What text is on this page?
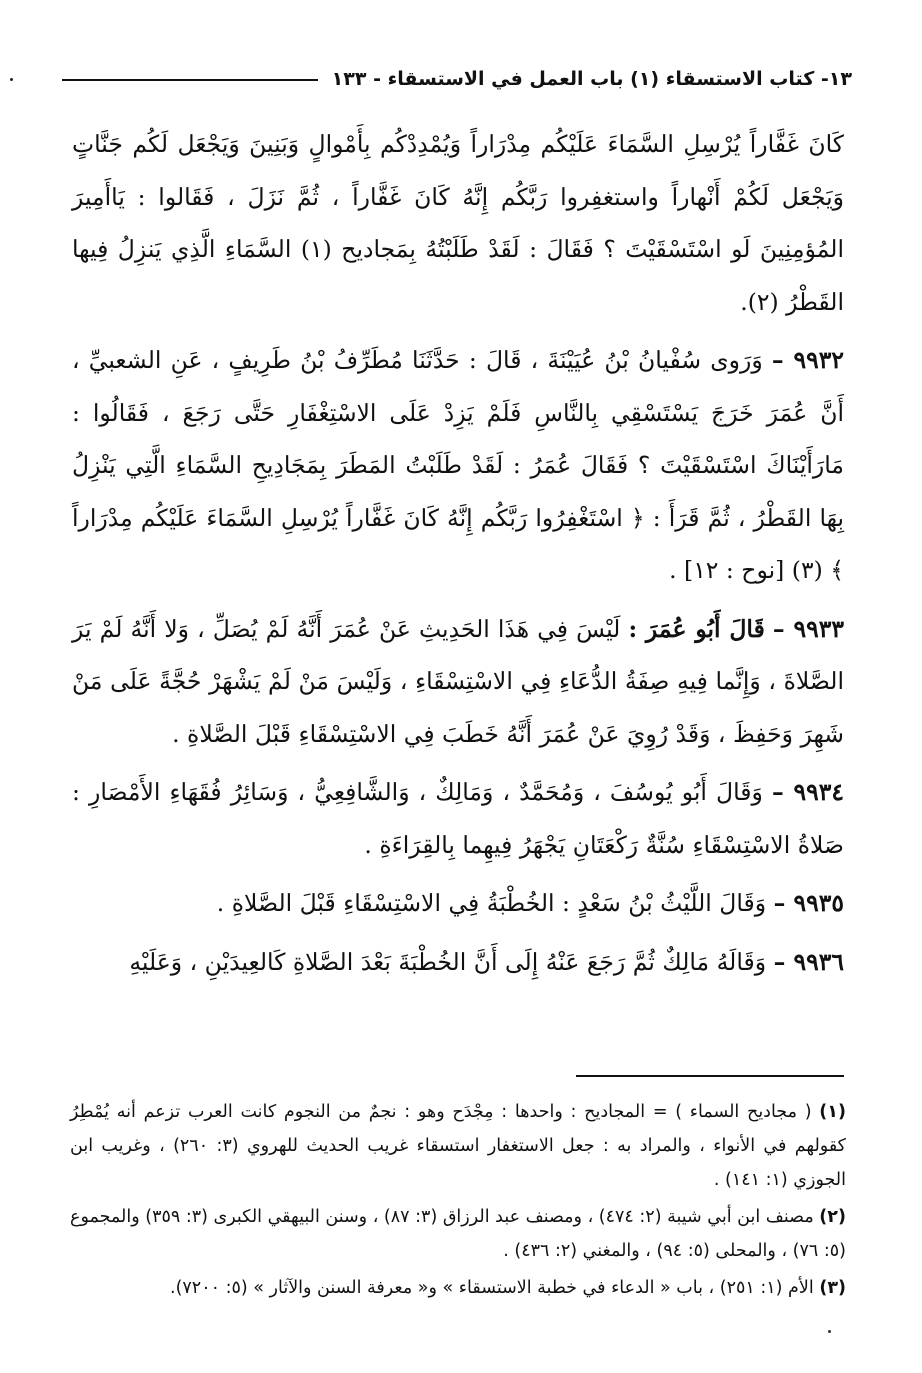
١٣- كتاب الاستسقاء (١) باب العمل في الاستسقاء - ١٣٣

كَانَ غَفَّاراً يُرْسِلِ السَّمَاءَ عَلَيْكُم مِدْرَاراً وَيُمْدِدْكُم بِأَمْوالٍ وَبَنِينَ وَيَجْعَل لَكُم جَنَّاتٍ وَيَجْعَل لَكُمْ أَنْهاراً واستغفِروا رَبَّكُم إِنَّهُ كَانَ غَفَّاراً ، ثُمَّ نَزَلَ ، فَقَالوا : يَاأَمِيرَ المُؤمِنِينَ لَو اسْتَسْقَيْتَ ؟ فَقَالَ : لَقَدْ طَلَبْتُهُ بِمَجاديح (١) السَّمَاءِ الَّذِي يَنزِلُ فِيها القَطْرُ (٢).

٩٩٣٢ – وَرَوى سُفْيانُ بْنُ عُيَيْنَةَ ، قَالَ : حَدَّثَنَا مُطَرِّفُ بْنُ طَرِيفٍ ، عَنِ الشعبيِّ ، أَنَّ عُمَرَ خَرَجَ يَسْتَسْقِي بِالنَّاسِ فَلَمْ يَزِدْ عَلَى الاسْتِغْفَارِ حَتَّى رَجَعَ ، فَقَالُوا : مَارَأَيْنَاكَ اسْتَسْقَيْتَ ؟ فَقَالَ عُمَرُ : لَقَدْ طَلَبْتُ المَطَرَ بِمَجَادِيحِ السَّمَاءِ الَّتِي يَنْزِلُ بِهَا القَطْرُ ، ثُمَّ قَرَأَ : ﴿ اسْتَغْفِرُوا رَبَّكُم إِنَّهُ كَانَ غَفَّاراً يُرْسِلِ السَّمَاءَ عَلَيْكُم مِدْرَاراً ﴾ (٣) [نوح : ١٢] .

٩٩٣٣ – قَالَ أَبُو عُمَرَ : لَيْسَ فِي هَذَا الحَدِيثِ عَنْ عُمَرَ أَنَّهُ لَمْ يُصَلِّ ، وَلا أَنَّهُ لَمْ يَرَ الصَّلاةَ ، وَإِنَّما فِيهِ صِفَةُ الدُّعَاءِ فِي الاسْتِسْقَاءِ ، وَلَيْسَ مَنْ لَمْ يَشْهَرْ حُجَّةً عَلَى مَنْ شَهِرَ وَحَفِظَ ، وَقَدْ رُوِيَ عَنْ عُمَرَ أَنَّهُ خَطَبَ فِي الاسْتِسْقَاءِ قَبْلَ الصَّلاةِ .

٩٩٣٤ – وَقَالَ أَبُو يُوسُفَ ، وَمُحَمَّدٌ ، وَمَالِكٌ ، وَالشَّافِعِيُّ ، وَسَائِرُ فُقَهَاءِ الأَمْصَارِ : صَلاةُ الاسْتِسْقَاءِ سُنَّةٌ رَكْعَتَانِ يَجْهَرُ فِيهِما بِالقِرَاءَةِ .

٩٩٣٥ – وَقَالَ اللَّيْثُ بْنُ سَعْدٍ : الخُطْبَةُ فِي الاسْتِسْقَاءِ قَبْلَ الصَّلاةِ .

٩٩٣٦ – وَقَالَهُ مَالِكٌ ثُمَّ رَجَعَ عَنْهُ إِلَى أَنَّ الخُطْبَةَ بَعْدَ الصَّلاةِ كَالعِيدَيْنِ ، وَعَلَيْهِ

(١) ( مجاديح السماء ) = المجاديح : واحدها : مِجْدَح وهو : نجمٌ من النجوم كانت العرب تزعم أنه يُمْطِرُ كقولهم في الأنواء ، والمراد به : جعل الاستغفار استسقاء غريب الحديث للهروي (٣: ٢٦٠) ، وغريب ابن الجوزي (١: ١٤١) .

(٢) مصنف ابن أبي شيبة (٢: ٤٧٤) ، ومصنف عبد الرزاق (٣: ٨٧) ، وسنن البيهقي الكبرى (٣: ٣٥٩) والمجموع (٥: ٧٦) ، والمحلى (٥: ٩٤) ، والمغني (٢: ٤٣٦) .

(٣) الأم (١: ٢٥١) ، باب « الدعاء في خطبة الاستسقاء » و« معرفة السنن والآثار » (٥: ٧٢٠٠).
